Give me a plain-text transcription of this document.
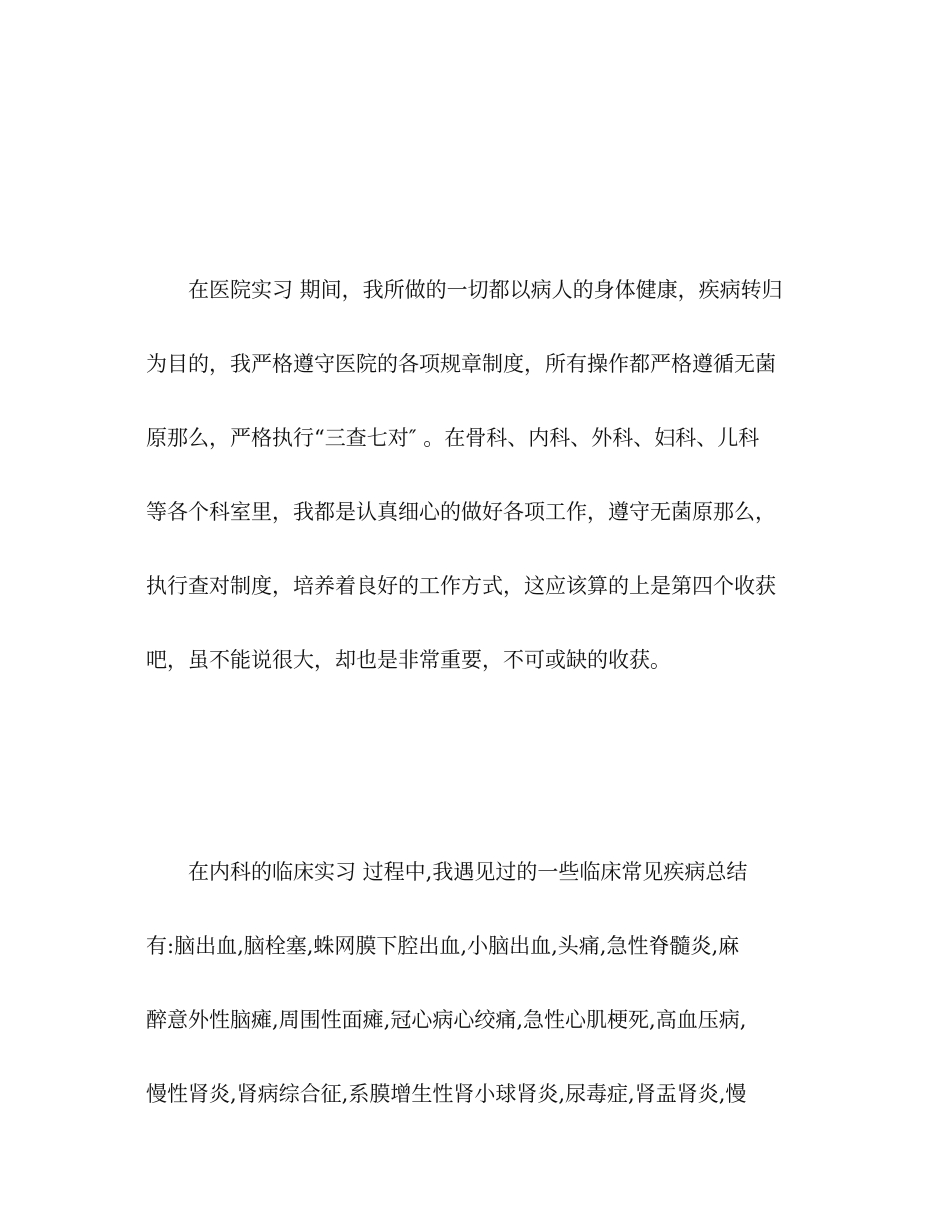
在医院实习 期间，我所做的一切都以病人的身体健康，疾病转归

为目的，我严格遵守医院的各项规章制度，所有操作都严格遵循无菌

原那么，严格执行“三查七对″ 。在骨科、内科、外科、妇科、儿科

等各个科室里，我都是认真细心的做好各项工作，遵守无菌原那么，

执行查对制度，培养着良好的工作方式，这应该算的上是第四个收获

吧，虽不能说很大，却也是非常重要，不可或缺的收获。

在内科的临床实习 过程中,我遇见过的一些临床常见疾病总结

有:脑出血,脑栓塞,蛛网膜下腔出血,小脑出血,头痛,急性脊髓炎,麻

醉意外性脑瘫,周围性面瘫,冠心病心绞痛,急性心肌梗死,高血压病,

慢性肾炎,肾病综合征,系膜增生性肾小球肾炎,尿毒症,肾盂肾炎,慢
